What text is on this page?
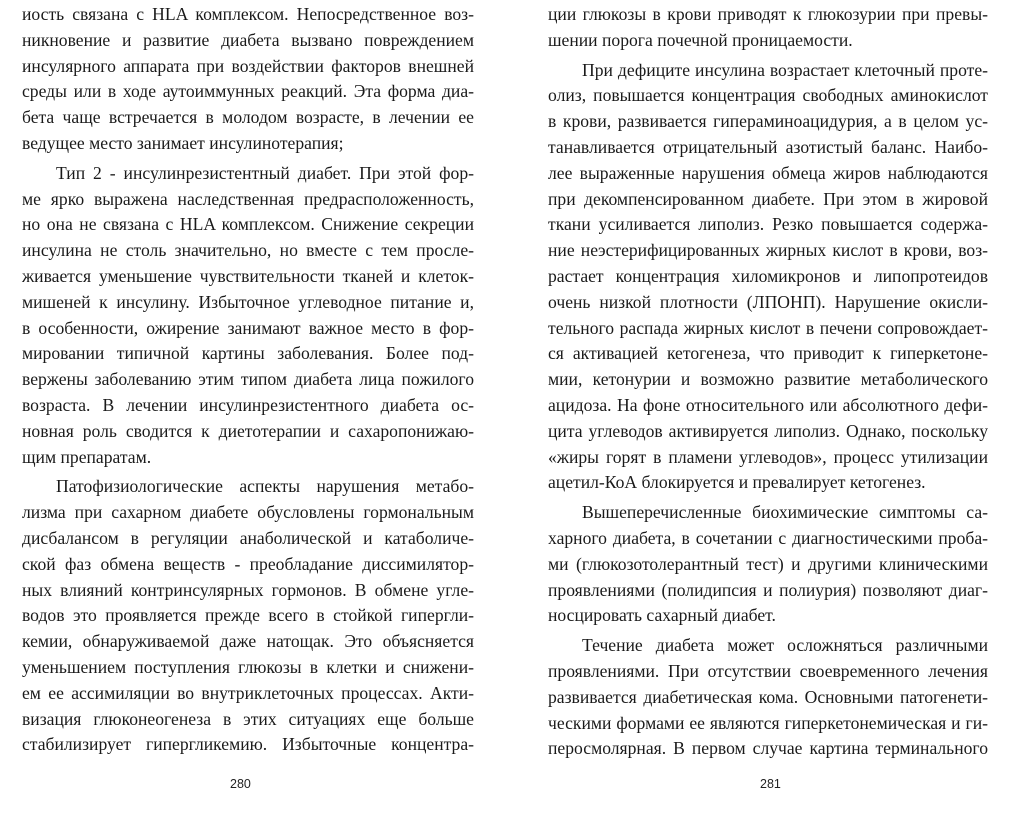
иость связана с HLA комплексом. Непосредственное воз-
никновение и развитие диабета вызвано повреждением
инсулярного аппарата при воздействии факторов внешней
среды или в ходе аутоиммунных реакций. Эта форма диа-
бета чаще встречается в молодом возрасте, в лечении ее
ведущее место занимает инсулинотерапия;
Тип 2 - инсулинрезистентный диабет. При этой фор-
ме ярко выражена наследственная предрасположенность,
но она не связана с HLA комплексом. Снижение секреции
инсулина не столь значительно, но вместе с тем просле-
живается уменьшение чувствительности тканей и клеток-
мишеней к инсулину. Избыточное углеводное питание и,
в особенности, ожирение занимают важное место в фор-
мировании типичной картины заболевания. Более под-
вержены заболеванию этим типом диабета лица пожилого
возраста. В лечении инсулинрезистентного диабета ос-
новная роль сводится к диетотерапии и сахаропонижаю-
щим препаратам.
Патофизиологические аспекты нарушения метабо-
лизма при сахарном диабете обусловлены гормональным
дисбалансом в регуляции анаболической и катаболиче-
ской фаз обмена веществ - преобладание диссимилятор-
ных влияний контринсулярных гормонов. В обмене угле-
водов это проявляется прежде всего в стойкой гипергли-
кемии, обнаруживаемой даже натощак. Это объясняется
уменьшением поступления глюкозы в клетки и снижени-
ем ее ассимиляции во внутриклеточных процессах. Акти-
визация глюконеогенеза в этих ситуациях еще больше
стабилизирует гипергликемию. Избыточные концентра-
280
ции глюкозы в крови приводят к глюкозурии при превы-
шении порога почечной проницаемости.
При дефиците инсулина возрастает клеточный проте-
олиз, повышается концентрация свободных аминокислот
в крови, развивается гипераминоацидурия, а в целом ус-
танавливается отрицательный азотистый баланс. Наибо-
лее выраженные нарушения обмеца жиров наблюдаются
при декомпенсированном диабете. При этом в жировой
ткани усиливается липолиз. Резко повышается содержа-
ние неэстерифицированных жирных кислот в крови, воз-
растает концентрация хиломикронов и липопротеидов
очень низкой плотности (ЛПОНП). Нарушение окисли-
тельного распада жирных кислот в печени сопровождает-
ся активацией кетогенеза, что приводит к гиперкетоне-
мии, кетонурии и возможно развитие метаболического
ацидоза. На фоне относительного или абсолютного дефи-
цита углеводов активируется липолиз. Однако, поскольку
«жиры горят в пламени углеводов», процесс утилизации
ацетил-КоА блокируется и превалирует кетогенез.
Вышеперечисленные биохимические симптомы са-
харного диабета, в сочетании с диагностическими пробa-
ми (глюкозотолерантный тест) и другими клиническими
проявлениями (полидипсия и полиурия) позволяют диаг-
носцировать сахарный диабет.
Течение диабета может осложняться различными
проявлениями. При отсутствии своевременного лечения
развивается диабетическая кома. Основными патогенети-
ческими формами ее являются гиперкетонемическая и ги-
перосмолярная. В первом случае картина терминального
281
